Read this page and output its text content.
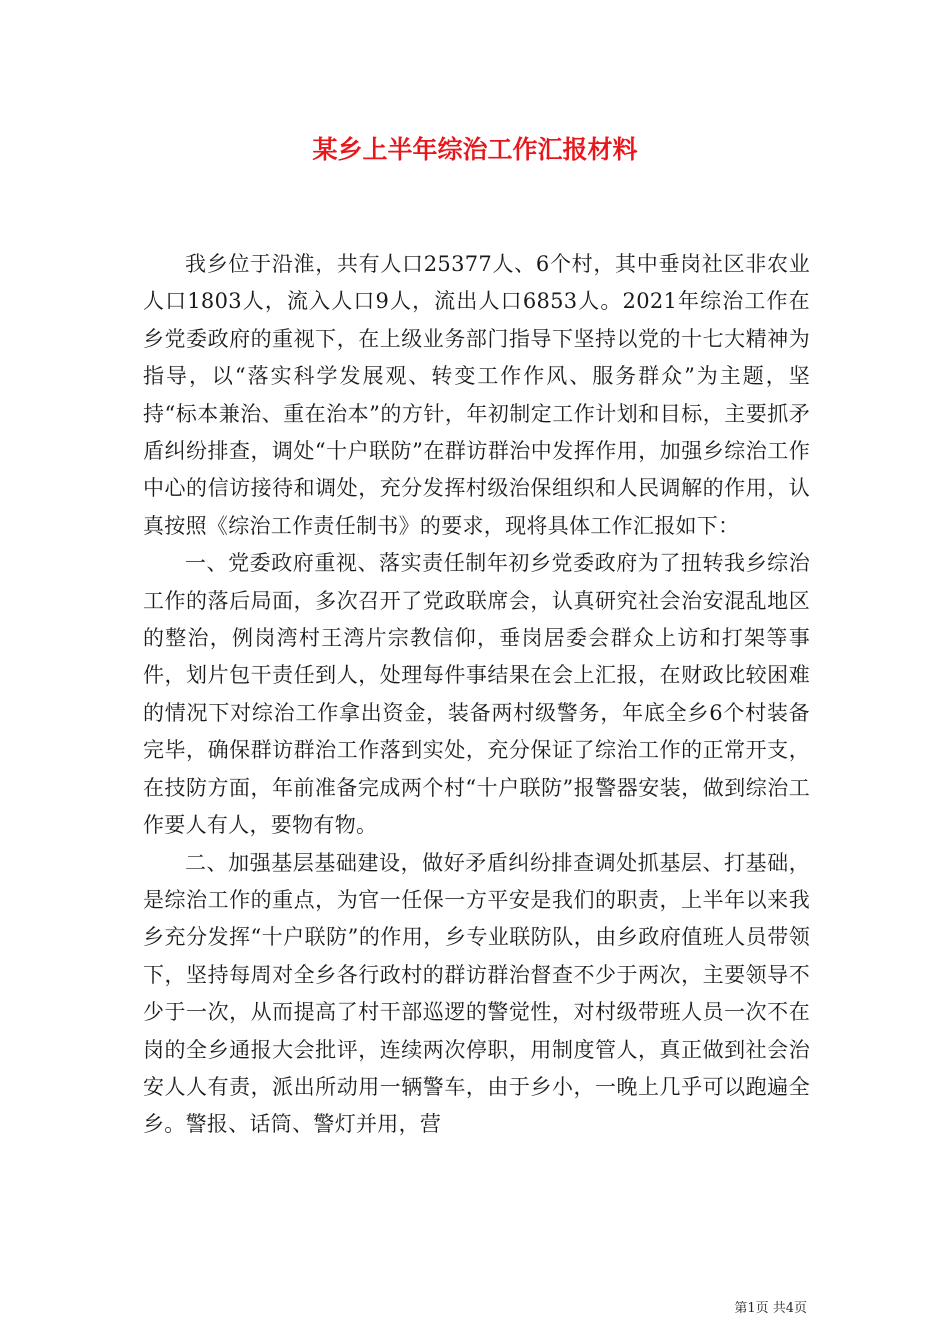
某乡上半年综治工作汇报材料

我乡位于沿淮，共有人口25377人、6个村，其中垂岗社区非农业人口1803人，流入人口9人，流出人口6853人。2021年综治工作在乡党委政府的重视下，在上级业务部门指导下坚持以党的十七大精神为指导，以“落实科学发展观、转变工作作风、服务群众”为主题，坚持“标本兼治、重在治本”的方针，年初制定工作计划和目标，主要抓矛盾纠纷排查，调处“十户联防”在群访群治中发挥作用，加强乡综治工作中心的信访接待和调处，充分发挥村级治保组织和人民调解的作用，认真按照《综治工作责任制书》的要求，现将具体工作汇报如下：

一、党委政府重视、落实责任制年初乡党委政府为了扭转我乡综治工作的落后局面，多次召开了党政联席会，认真研究社会治安混乱地区的整治，例岗湾村王湾片宗教信仰，垂岗居委会群众上访和打架等事件，划片包干责任到人，处理每件事结果在会上汇报，在财政比较困难的情况下对综治工作拿出资金，装备两村级警务，年底全乡6个村装备完毕，确保群访群治工作落到实处，充分保证了综治工作的正常开支，在技防方面，年前准备完成两个村“十户联防”报警器安装，做到综治工作要人有人，要物有物。

二、加强基层基础建设，做好矛盾纠纷排查调处抓基层、打基础，是综治工作的重点，为官一任保一方平安是我们的职责，上半年以来我乡充分发挥“十户联防”的作用，乡专业联防队，由乡政府值班人员带领下，坚持每周对全乡各行政村的群访群治督查不少于两次，主要领导不少于一次，从而提高了村干部巡逻的警觉性，对村级带班人员一次不在岗的全乡通报大会批评，连续两次停职，用制度管人，真正做到社会治安人人有责，派出所动用一辆警车，由于乡小，一晚上几乎可以跑遍全乡。警报、话筒、警灯并用，营

第1页 共4页
